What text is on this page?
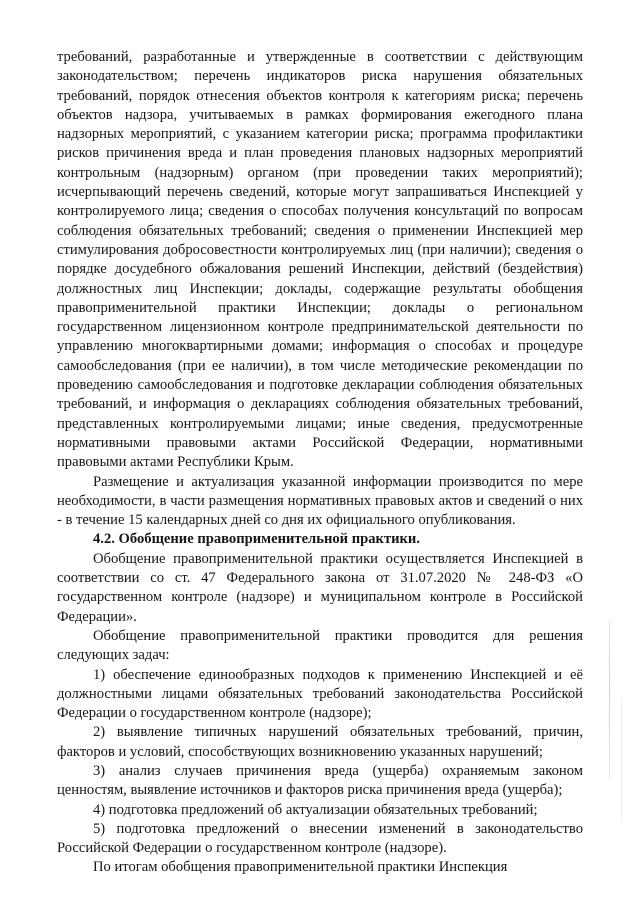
требований, разработанные и утвержденные в соответствии с действующим законодательством; перечень индикаторов риска нарушения обязательных требований, порядок отнесения объектов контроля к категориям риска; перечень объектов надзора, учитываемых в рамках формирования ежегодного плана надзорных мероприятий, с указанием категории риска; программа профилактики рисков причинения вреда и план проведения плановых надзорных мероприятий контрольным (надзорным) органом (при проведении таких мероприятий); исчерпывающий перечень сведений, которые могут запрашиваться Инспекцией у контролируемого лица; сведения о способах получения консультаций по вопросам соблюдения обязательных требований; сведения о применении Инспекцией мер стимулирования добросовестности контролируемых лиц (при наличии); сведения о порядке досудебного обжалования решений Инспекции, действий (бездействия) должностных лиц Инспекции; доклады, содержащие результаты обобщения правоприменительной практики Инспекции; доклады о региональном государственном лицензионном контроле предпринимательской деятельности по управлению многоквартирными домами; информация о способах и процедуре самообследования (при ее наличии), в том числе методические рекомендации по проведению самообследования и подготовке декларации соблюдения обязательных требований, и информация о декларациях соблюдения обязательных требований, представленных контролируемыми лицами; иные сведения, предусмотренные нормативными правовыми актами Российской Федерации, нормативными правовыми актами Республики Крым.

Размещение и актуализация указанной информации производится по мере необходимости, в части размещения нормативных правовых актов и сведений о них - в течение 15 календарных дней со дня их официального опубликования.

4.2. Обобщение правоприменительной практики.

Обобщение правоприменительной практики осуществляется Инспекцией в соответствии со ст. 47 Федерального закона от 31.07.2020 № 248-ФЗ «О государственном контроле (надзоре) и муниципальном контроле в Российской Федерации».

Обобщение правоприменительной практики проводится для решения следующих задач:

1) обеспечение единообразных подходов к применению Инспекцией и её должностными лицами обязательных требований законодательства Российской Федерации о государственном контроле (надзоре);

2) выявление типичных нарушений обязательных требований, причин, факторов и условий, способствующих возникновению указанных нарушений;

3) анализ случаев причинения вреда (ущерба) охраняемым законом ценностям, выявление источников и факторов риска причинения вреда (ущерба);

4) подготовка предложений об актуализации обязательных требований;

5) подготовка предложений о внесении изменений в законодательство Российской Федерации о государственном контроле (надзоре).

По итогам обобщения правоприменительной практики Инспекция
